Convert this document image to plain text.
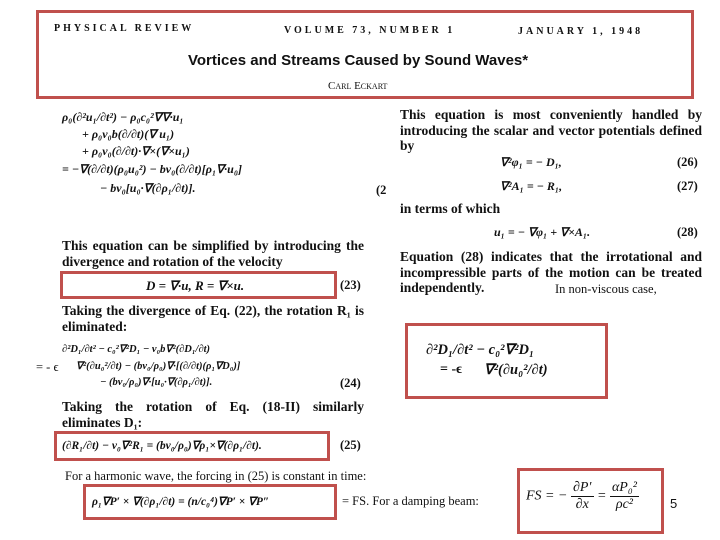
PHYSICAL REVIEW	VOLUME 73, NUMBER 1	JANUARY 1, 1948
Vortices and Streams Caused by Sound Waves*
Carl Eckart
ρ₀(∂²u₁/∂t²) − ρ₀c₀²∇∇·u₁
+ ρ₀ν₀b(∂/∂t)(∇ u₁)
+ ρ₀ν₀(∂/∂t)·∇×(∇×u₁)
= −∇(∂/∂t)(ρ₀u₀²) − bν₀(∂/∂t)[ρ₁∇·u₀]
− bν₀[u₀·∇(∂ρ₁/∂t)].	(2
This equation can be simplified by introducing the divergence and rotation of the velocity
D = ∇·u, R = ∇×u.	(23)
Taking the divergence of Eq. (22), the rotation R₁ is eliminated:
= - ϵ
∂²D₁/∂t² − c₀²∇²D₁ − ν₀b∇²(∂D₁/∂t)
∇²(∂u₀²/∂t) − (bν₀/ρ₀)∇·[(∂/∂t)(ρ₁∇D₀)]
− (bν₀/ρ₀)∇·[u₀·∇(∂ρ₁/∂t)].	(24)
Taking the rotation of Eq. (18-II) similarly eliminates D₁:
(∂R₁/∂t) − ν₀∇²R₁ = (bν₀/ρ₀)∇ρ₁×∇(∂ρ₁/∂t).	(25)
This equation is most conveniently handled by introducing the scalar and vector potentials defined by
∇²φ₁ = − D₁,	(26)
∇²A₁ = − R₁,	(27)
in terms of which
u₁ = − ∇φ₁ + ∇×A₁.	(28)
Equation (28) indicates that the irrotational and incompressible parts of the motion can be treated independently.	In non-viscous case,
∂²D₁/∂t² − c₀²∇²D₁
= -ϵ ∇²(∂u₀²/∂t)
For a harmonic wave, the forcing in (25) is constant in time:
ρ₁∇P′ × ∇(∂ρ₁/∂t) = (n/c₀⁴)∇P′ × ∇P″	= FS. For a damping beam:	FS = − $\frac{\partial P'}{\partial x} = \frac{\text{αP₀²}}{\text{ρc²}} 5$
